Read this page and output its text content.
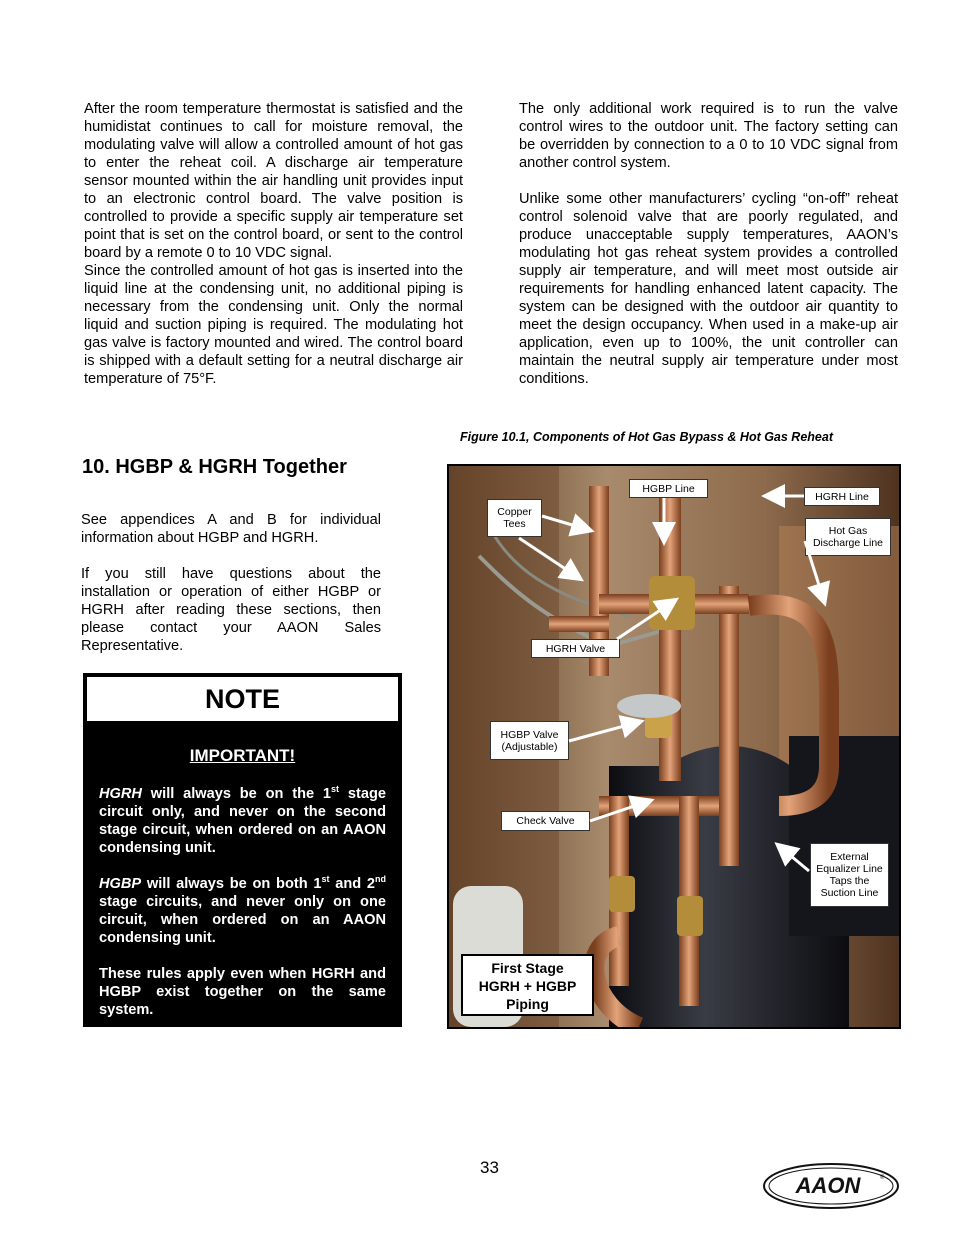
After the room temperature thermostat is satisfied and the humidistat continues to call for moisture removal, the modulating valve will allow a controlled amount of hot gas to enter the reheat coil. A discharge air temperature sensor mounted within the air handling unit provides input to an electronic control board. The valve position is controlled to provide a specific supply air temperature set point that is set on the control board, or sent to the control board by a remote 0 to 10 VDC signal.

Since the controlled amount of hot gas is inserted into the liquid line at the condensing unit, no additional piping is necessary from the condensing unit. Only the normal liquid and suction piping is required. The modulating hot gas valve is factory mounted and wired. The control board is shipped with a default setting for a neutral discharge air temperature of 75°F.

The only additional work required is to run the valve control wires to the outdoor unit. The factory setting can be overridden by connection to a 0 to 10 VDC signal from another control system.

Unlike some other manufacturers’ cycling “on-off” reheat control solenoid valve that are poorly regulated, and produce unacceptable supply temperatures, AAON’s modulating hot gas reheat system provides a controlled supply air temperature, and will meet most outside air requirements for handling enhanced latent capacity. The system can be designed with the outdoor air quantity to meet the design occupancy. When used in a make-up air application, even up to 100%, the unit controller can maintain the neutral supply air temperature under most conditions.

Figure 10.1, Components of Hot Gas Bypass & Hot Gas Reheat
10. HGBP & HGRH Together

See appendices A and B for individual information about HGBP and HGRH.

If you still have questions about the installation or operation of either HGBP or HGRH after reading these sections, then please contact your AAON Sales Representative.

NOTE

IMPORTANT!

HGRH will always be on the 1st stage circuit only, and never on the second stage circuit, when ordered on an AAON condensing unit.

HGBP will always be on both 1st and 2nd stage circuits, and never only on one circuit, when ordered on an AAON condensing unit.

These rules apply even when HGRH and HGBP exist together on the same system.

Copper Tees
HGBP Line
HGRH Line
Hot Gas Discharge Line
HGRH Valve
HGBP Valve (Adjustable)
Check Valve
External Equalizer Line Taps the Suction Line
First Stage
HGRH + HGBP
Piping
33
AAON	®
